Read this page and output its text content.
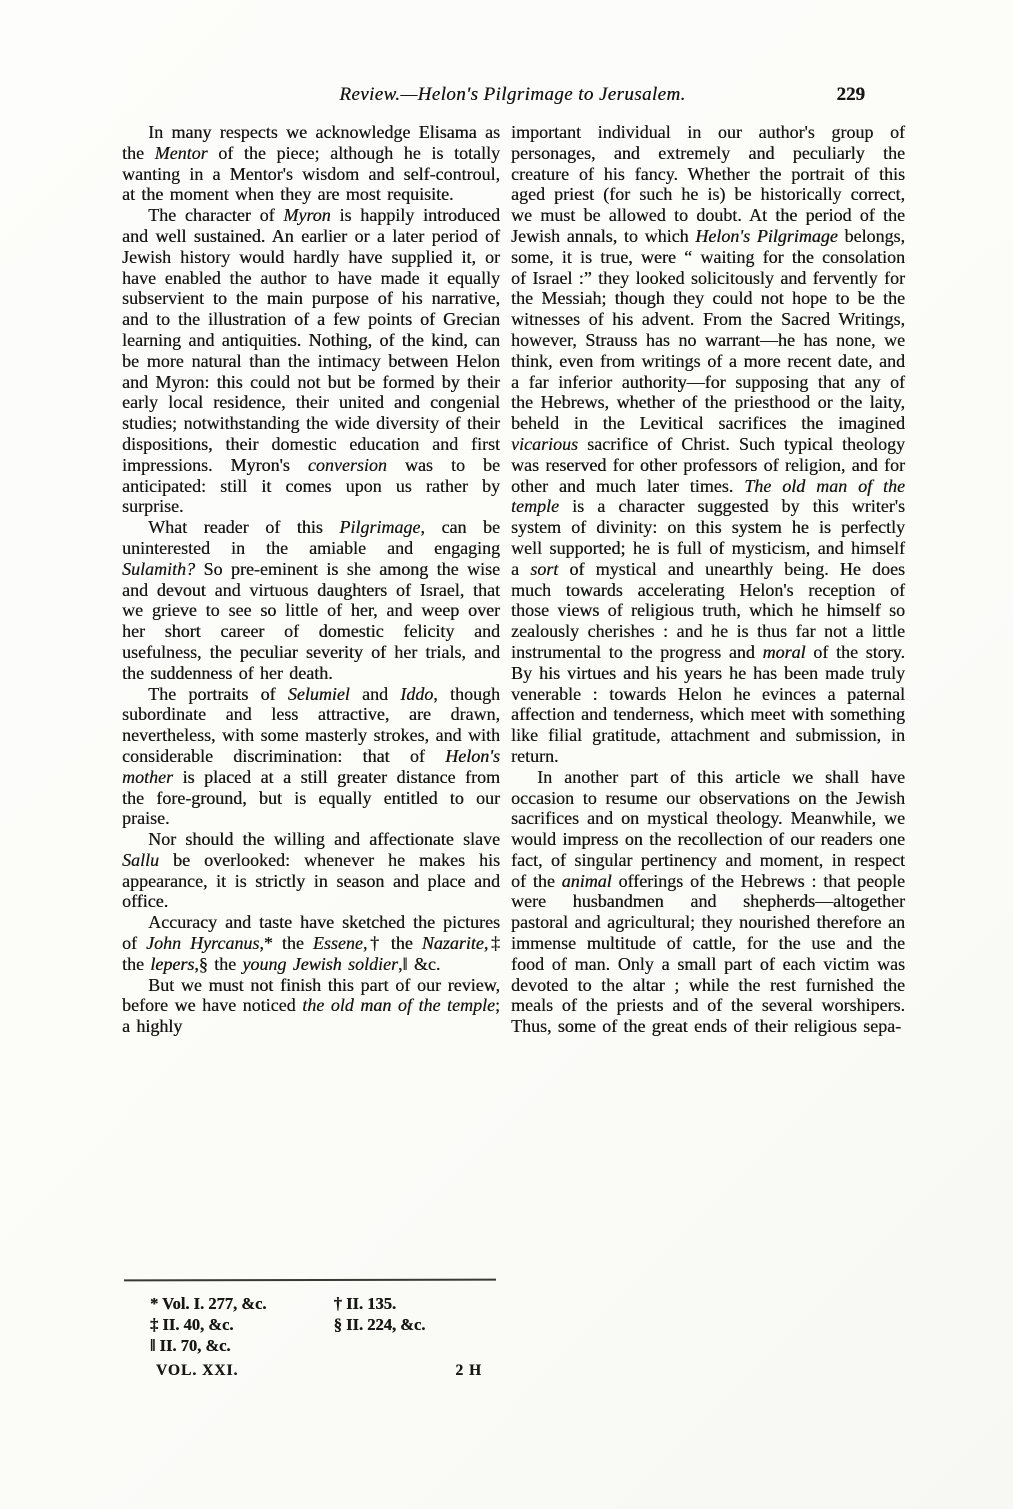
Review.—Helon's Pilgrimage to Jerusalem.	229

In many respects we acknowledge Elisama as the Mentor of the piece; although he is totally wanting in a Mentor's wisdom and self-controul, at the moment when they are most requisite.

The character of Myron is happily introduced and well sustained. An earlier or a later period of Jewish history would hardly have supplied it, or have enabled the author to have made it equally subservient to the main purpose of his narrative, and to the illustration of a few points of Grecian learning and antiquities. Nothing, of the kind, can be more natural than the intimacy between Helon and Myron: this could not but be formed by their early local residence, their united and congenial studies; notwithstanding the wide diversity of their dispositions, their domestic education and first impressions. Myron's conversion was to be anticipated: still it comes upon us rather by surprise.

What reader of this Pilgrimage, can be uninterested in the amiable and engaging Sulamith? So pre-eminent is she among the wise and devout and virtuous daughters of Israel, that we grieve to see so little of her, and weep over her short career of domestic felicity and usefulness, the peculiar severity of her trials, and the suddenness of her death.

The portraits of Selumiel and Iddo, though subordinate and less attractive, are drawn, nevertheless, with some masterly strokes, and with considerable discrimination: that of Helon's mother is placed at a still greater distance from the fore-ground, but is equally entitled to our praise.

Nor should the willing and affectionate slave Sallu be overlooked: whenever he makes his appearance, it is strictly in season and place and office.

Accuracy and taste have sketched the pictures of John Hyrcanus,* the Essene,† the Nazarite,‡ the lepers,§ the young Jewish soldier,‖ &c.

But we must not finish this part of our review, before we have noticed the old man of the temple; a highly

* Vol. I. 277, &c.	† II. 135.
‡ II. 40, &c.	§ II. 224, &c.
‖ II. 70, &c.
VOL. XXI.	2 H

important individual in our author's group of personages, and extremely and peculiarly the creature of his fancy. Whether the portrait of this aged priest (for such he is) be historically correct, we must be allowed to doubt. At the period of the Jewish annals, to which Helon's Pilgrimage belongs, some, it is true, were “ waiting for the consolation of Israel :” they looked solicitously and fervently for the Messiah; though they could not hope to be the witnesses of his advent. From the Sacred Writings, however, Strauss has no warrant—he has none, we think, even from writings of a more recent date, and a far inferior authority—for supposing that any of the Hebrews, whether of the priesthood or the laity, beheld in the Levitical sacrifices the imagined vicarious sacrifice of Christ. Such typical theology was reserved for other professors of religion, and for other and much later times. The old man of the temple is a character suggested by this writer's system of divinity: on this system he is perfectly well supported; he is full of mysticism, and himself a sort of mystical and unearthly being. He does much towards accelerating Helon's reception of those views of religious truth, which he himself so zealously cherishes : and he is thus far not a little instrumental to the progress and moral of the story. By his virtues and his years he has been made truly venerable : towards Helon he evinces a paternal affection and tenderness, which meet with something like filial gratitude, attachment and submission, in return.

In another part of this article we shall have occasion to resume our observations on the Jewish sacrifices and on mystical theology. Meanwhile, we would impress on the recollection of our readers one fact, of singular pertinency and moment, in respect of the animal offerings of the Hebrews : that people were husbandmen and shepherds—altogether pastoral and agricultural; they nourished therefore an immense multitude of cattle, for the use and the food of man. Only a small part of each victim was devoted to the altar ; while the rest furnished the meals of the priests and of the several worshipers. Thus, some of the great ends of their religious sepa-
